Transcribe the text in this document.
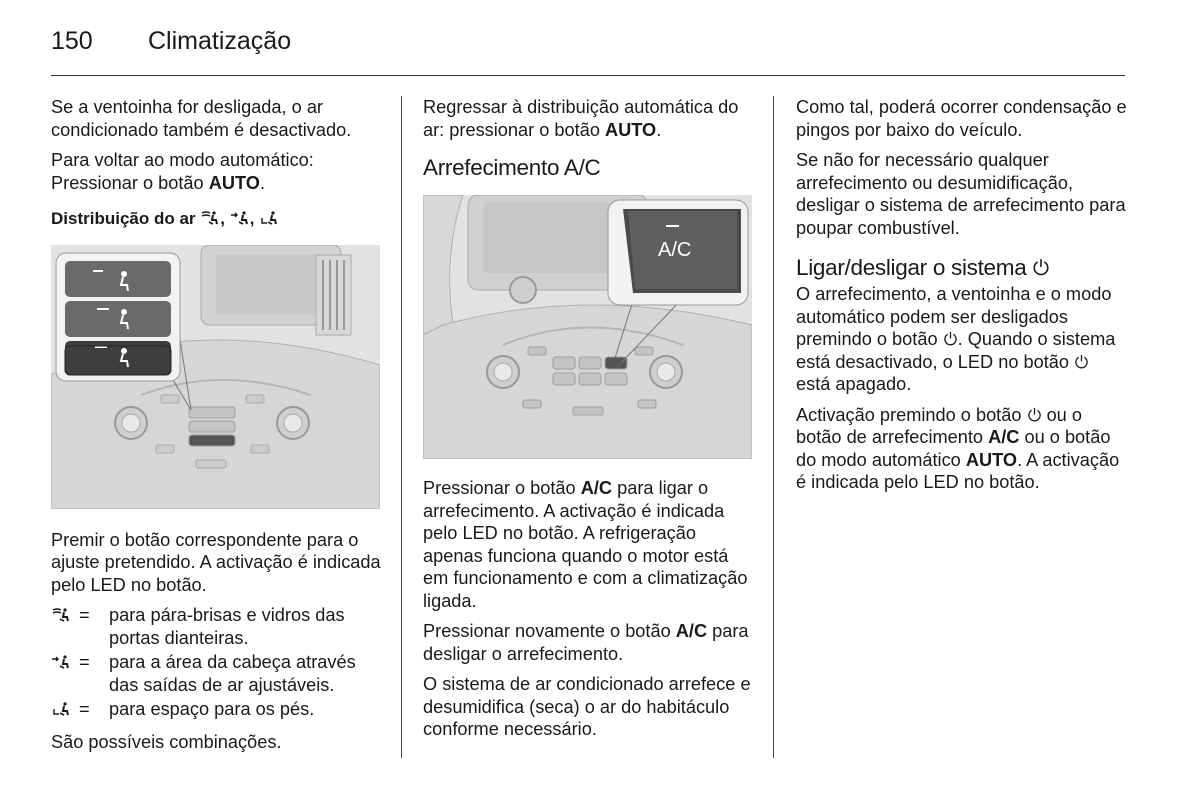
150 Climatização

Se a ventoinha for desligada, o ar condicionado também é desactivado.

Para voltar ao modo automático: Pressionar o botão AUTO.

Distribuição do ar , ,

Premir o botão correspondente para o ajuste pretendido. A activação é indicada pelo LED no botão.

=	para pára-brisas e vidros das portas dianteiras.
=	para a área da cabeça através das saídas de ar ajustáveis.
=	para espaço para os pés.

São possíveis combinações.

Regressar à distribuição automática do ar: pressionar o botão AUTO.

Arrefecimento A/C
A/C

Pressionar o botão A/C para ligar o arrefecimento. A activação é indicada pelo LED no botão. A refrigeração apenas funciona quando o motor está em funcionamento e com a climatização ligada.

Pressionar novamente o botão A/C para desligar o arrefecimento.

O sistema de ar condicionado arrefece e desumidifica (seca) o ar do habitáculo conforme necessário.

Como tal, poderá ocorrer condensação e pingos por baixo do veículo.

Se não for necessário qualquer arrefecimento ou desumidificação, desligar o sistema de arrefecimento para poupar combustível.

Ligar/desligar o sistema

O arrefecimento, a ventoinha e o modo automático podem ser desligados premindo o botão . Quando o sistema está desactivado, o LED no botão  está apagado.

Activação premindo o botão  ou o botão de arrefecimento A/C ou o botão do modo automático AUTO. A activação é indicada pelo LED no botão.
